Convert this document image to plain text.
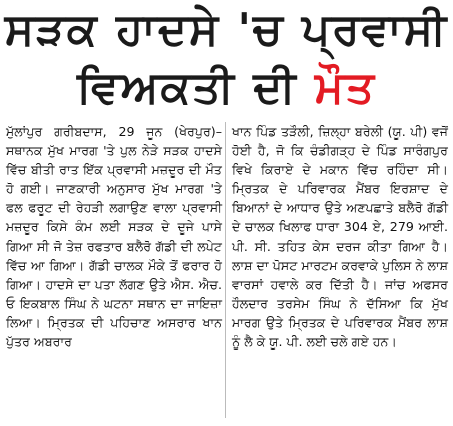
ਸੜਕ ਹਾਦਸੇ 'ਚ ਪ੍ਰਵਾਸੀ
ਵਿਅਕਤੀ ਦੀ ਮੌਤ

ਮੁੱਲਾਂਪੁਰ ਗਰੀਬਦਾਸ, 29 ਜੂਨ (ਖੇਰਪੁਰ)–ਸਥਾਨਕ ਮੁੱਖ ਮਾਰਗ 'ਤੇ ਪੁਲ ਨੇੜੇ ਸੜਕ ਹਾਦਸੇ ਵਿੱਚ ਬੀਤੀ ਰਾਤ ਇੱਕ ਪ੍ਰਵਾਸੀ ਮਜ਼ਦੂਰ ਦੀ ਮੌਤ ਹੋ ਗਈ। ਜਾਣਕਾਰੀ ਅਨੁਸਾਰ ਮੁੱਖ ਮਾਰਗ 'ਤੇ ਫਲ ਫਰੂਟ ਦੀ ਰੇਹੜੀ ਲਗਾਉਣ ਵਾਲਾ ਪ੍ਰਵਾਸੀ ਮਜ਼ਦੂਰ ਕਿਸੇ ਕੰਮ ਲਈ ਸੜਕ ਦੇ ਦੂਜੇ ਪਾਸੇ ਗਿਆ ਸੀ ਜੋ ਤੇਜ਼ ਰਫਤਾਰ ਬਲੈਰੋ ਗੱਡੀ ਦੀ ਲਪੇਟ ਵਿੱਚ ਆ ਗਿਆ। ਗੱਡੀ ਚਾਲਕ ਮੌਕੇ ਤੋਂ ਫਰਾਰ ਹੋ ਗਿਆ। ਹਾਦਸੇ ਦਾ ਪਤਾ ਲੱਗਣ ਉਤੇ ਐਸ. ਐਚ. ਓ ਇਕਬਾਲ ਸਿੰਘ ਨੇ ਘਟਨਾ ਸਥਾਨ ਦਾ ਜਾਇਜ਼ਾ ਲਿਆ। ਮ੍ਰਿਤਕ ਦੀ ਪਹਿਚਾਣ ਅਸਰਾਰ ਖਾਨ ਪੁੱਤਰ ਅਬਰਾਰ

ਖਾਨ ਪਿੰਡ ਤੜੌਲੀ, ਜ਼ਿਲ੍ਹਾ ਬਰੇਲੀ (ਯੂ. ਪੀ) ਵਜੋਂ ਹੋਈ ਹੈ, ਜੋ ਕਿ ਚੰਡੀਗੜ੍ਹ ਦੇ ਪਿੰਡ ਸਾਰੰਗਪੁਰ ਵਿਖੇ ਕਿਰਾਏ ਦੇ ਮਕਾਨ ਵਿੱਚ ਰਹਿੰਦਾ ਸੀ। ਮ੍ਰਿਤਕ ਦੇ ਪਰਿਵਾਰਕ ਮੈਂਬਰ ਇਰਸ਼ਾਦ ਦੇ ਬਿਆਨਾਂ ਦੇ ਆਧਾਰ ਉਤੇ ਅਣਪਛਾਤੇ ਬਲੈਰੋ ਗੱਡੀ ਦੇ ਚਾਲਕ ਖਿਲਾਫ ਧਾਰਾ 304 ਏ, 279 ਆਈ. ਪੀ. ਸੀ. ਤਹਿਤ ਕੇਸ ਦਰਜ ਕੀਤਾ ਗਿਆ ਹੈ। ਲਾਸ਼ ਦਾ ਪੋਸਟ ਮਾਰਟਮ ਕਰਵਾਕੇ ਪੁਲਿਸ ਨੇ ਲਾਸ਼ ਵਾਰਸਾਂ ਹਵਾਲੇ ਕਰ ਦਿੱਤੀ ਹੈ। ਜਾਂਚ ਅਫਸਰ ਹੌਲਦਾਰ ਤਰਸੇਮ ਸਿੰਘ ਨੇ ਦੱਸਿਆ ਕਿ ਮੁੱਖ ਮਾਰਗ ਉਤੇ ਮ੍ਰਿਤਕ ਦੇ ਪਰਿਵਾਰਕ ਮੈਂਬਰ ਲਾਸ਼ ਨੂੰ ਲੈ ਕੇ ਯੂ. ਪੀ. ਲਈ ਚਲੇ ਗਏ ਹਨ।
